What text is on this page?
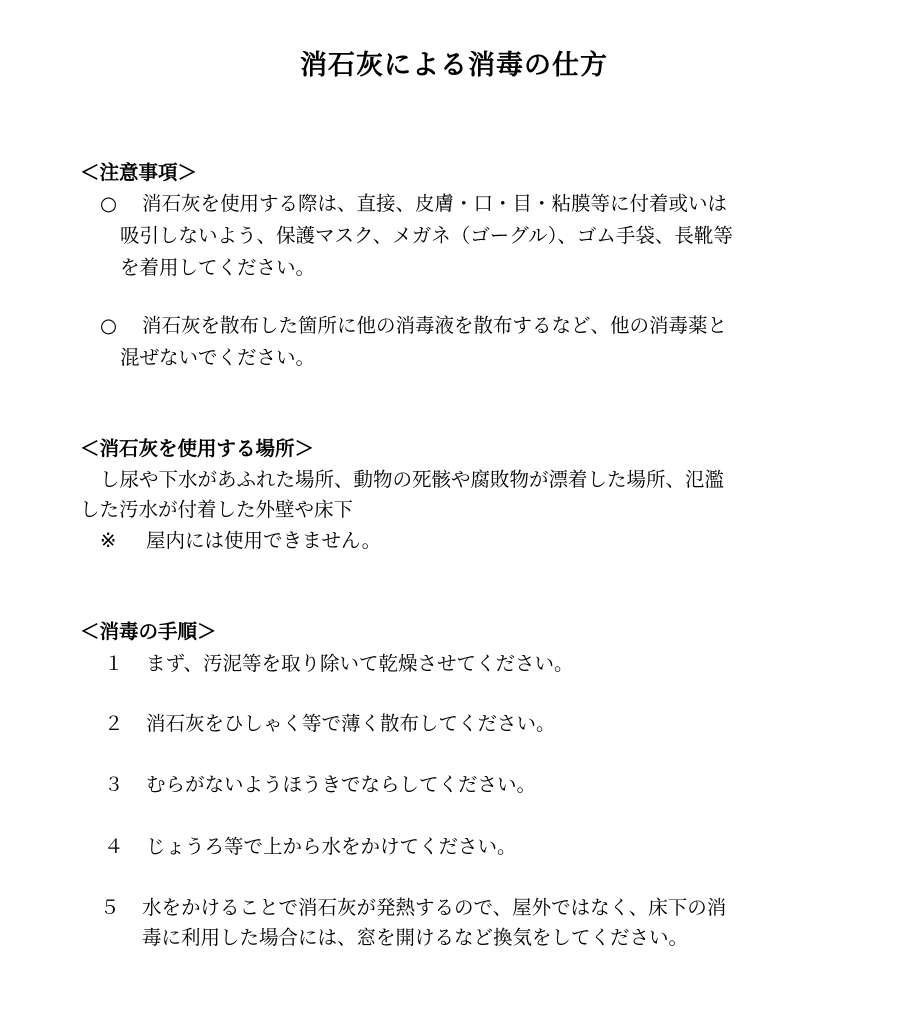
消石灰による消毒の仕方
＜注意事項＞
○ 消石灰を使用する際は、直接、皮膚・口・目・粘膜等に付着或いは
吸引しないよう、保護マスク、メガネ（ゴーグル）、ゴム手袋、長靴等
を着用してください。
○ 消石灰を散布した箇所に他の消毒液を散布するなど、他の消毒薬と
混ぜないでください。
＜消石灰を使用する場所＞
し尿や下水があふれた場所、動物の死骸や腐敗物が漂着した場所、氾濫
した汚水が付着した外壁や床下
※ 屋内には使用できません。
＜消毒の手順＞
１ まず、汚泥等を取り除いて乾燥させてください。
２ 消石灰をひしゃく等で薄く散布してください。
３ むらがないようほうきでならしてください。
４ じょうろ等で上から水をかけてください。
５ 水をかけることで消石灰が発熱するので、屋外ではなく、床下の消
毒に利用した場合には、窓を開けるなど換気をしてください。
